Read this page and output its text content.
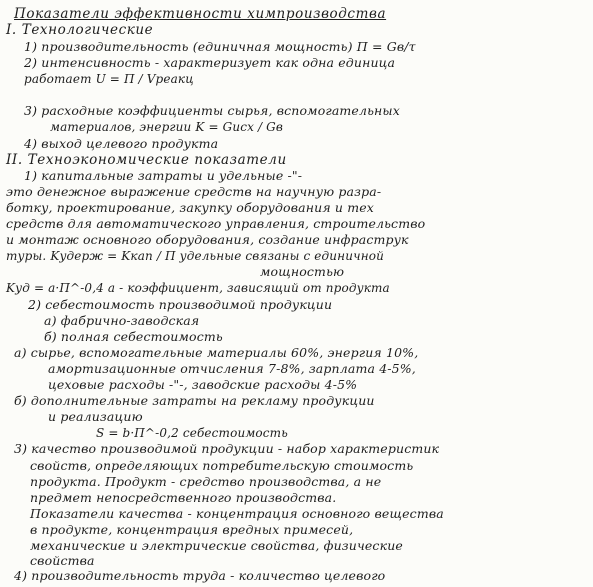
Показатели эффективности химпроизводства
I. Технологические
1) производительность (единичная мощность) П = Gв/τ
2) интенсивность - характеризует как одна единица
работает U = П / Vреакц
3) расходные коэффициенты сырья, вспомогательных
материалов, энергии K = Gисх / Gв
4) выход целевого продукта
II. Техноэкономические показатели
1) капитальные затраты и удельные -"-
это денежное выражение средств на научную разра-
ботку, проектирование, закупку оборудования и тех
средств для автоматического управления, строительство
и монтаж основного оборудования, создание инфраструк
туры. Kудерж = Kкап / П удельные связаны с единичной
мощностью
Kуд = a·П^-0,4 a - коэффициент, зависящий от продукта
2) себестоимость производимой продукции
а) фабрично-заводская
б) полная себестоимость
а) сырье, вспомогательные материалы 60%, энергия 10%,
амортизационные отчисления 7-8%, зарплата 4-5%,
цеховые расходы -"-, заводские расходы 4-5%
б) дополнительные затраты на рекламу продукции
и реализацию
S = b·П^-0,2 себестоимость
3) качество производимой продукции - набор характеристик
свойств, определяющих потребительскую стоимость
продукта. Продукт - средство производства, а не
предмет непосредственного производства.
Показатели качества - концентрация основного вещества
в продукте, концентрация вредных примесей,
механические и электрические свойства, физические
свойства
4) производительность труда - количество целевого
